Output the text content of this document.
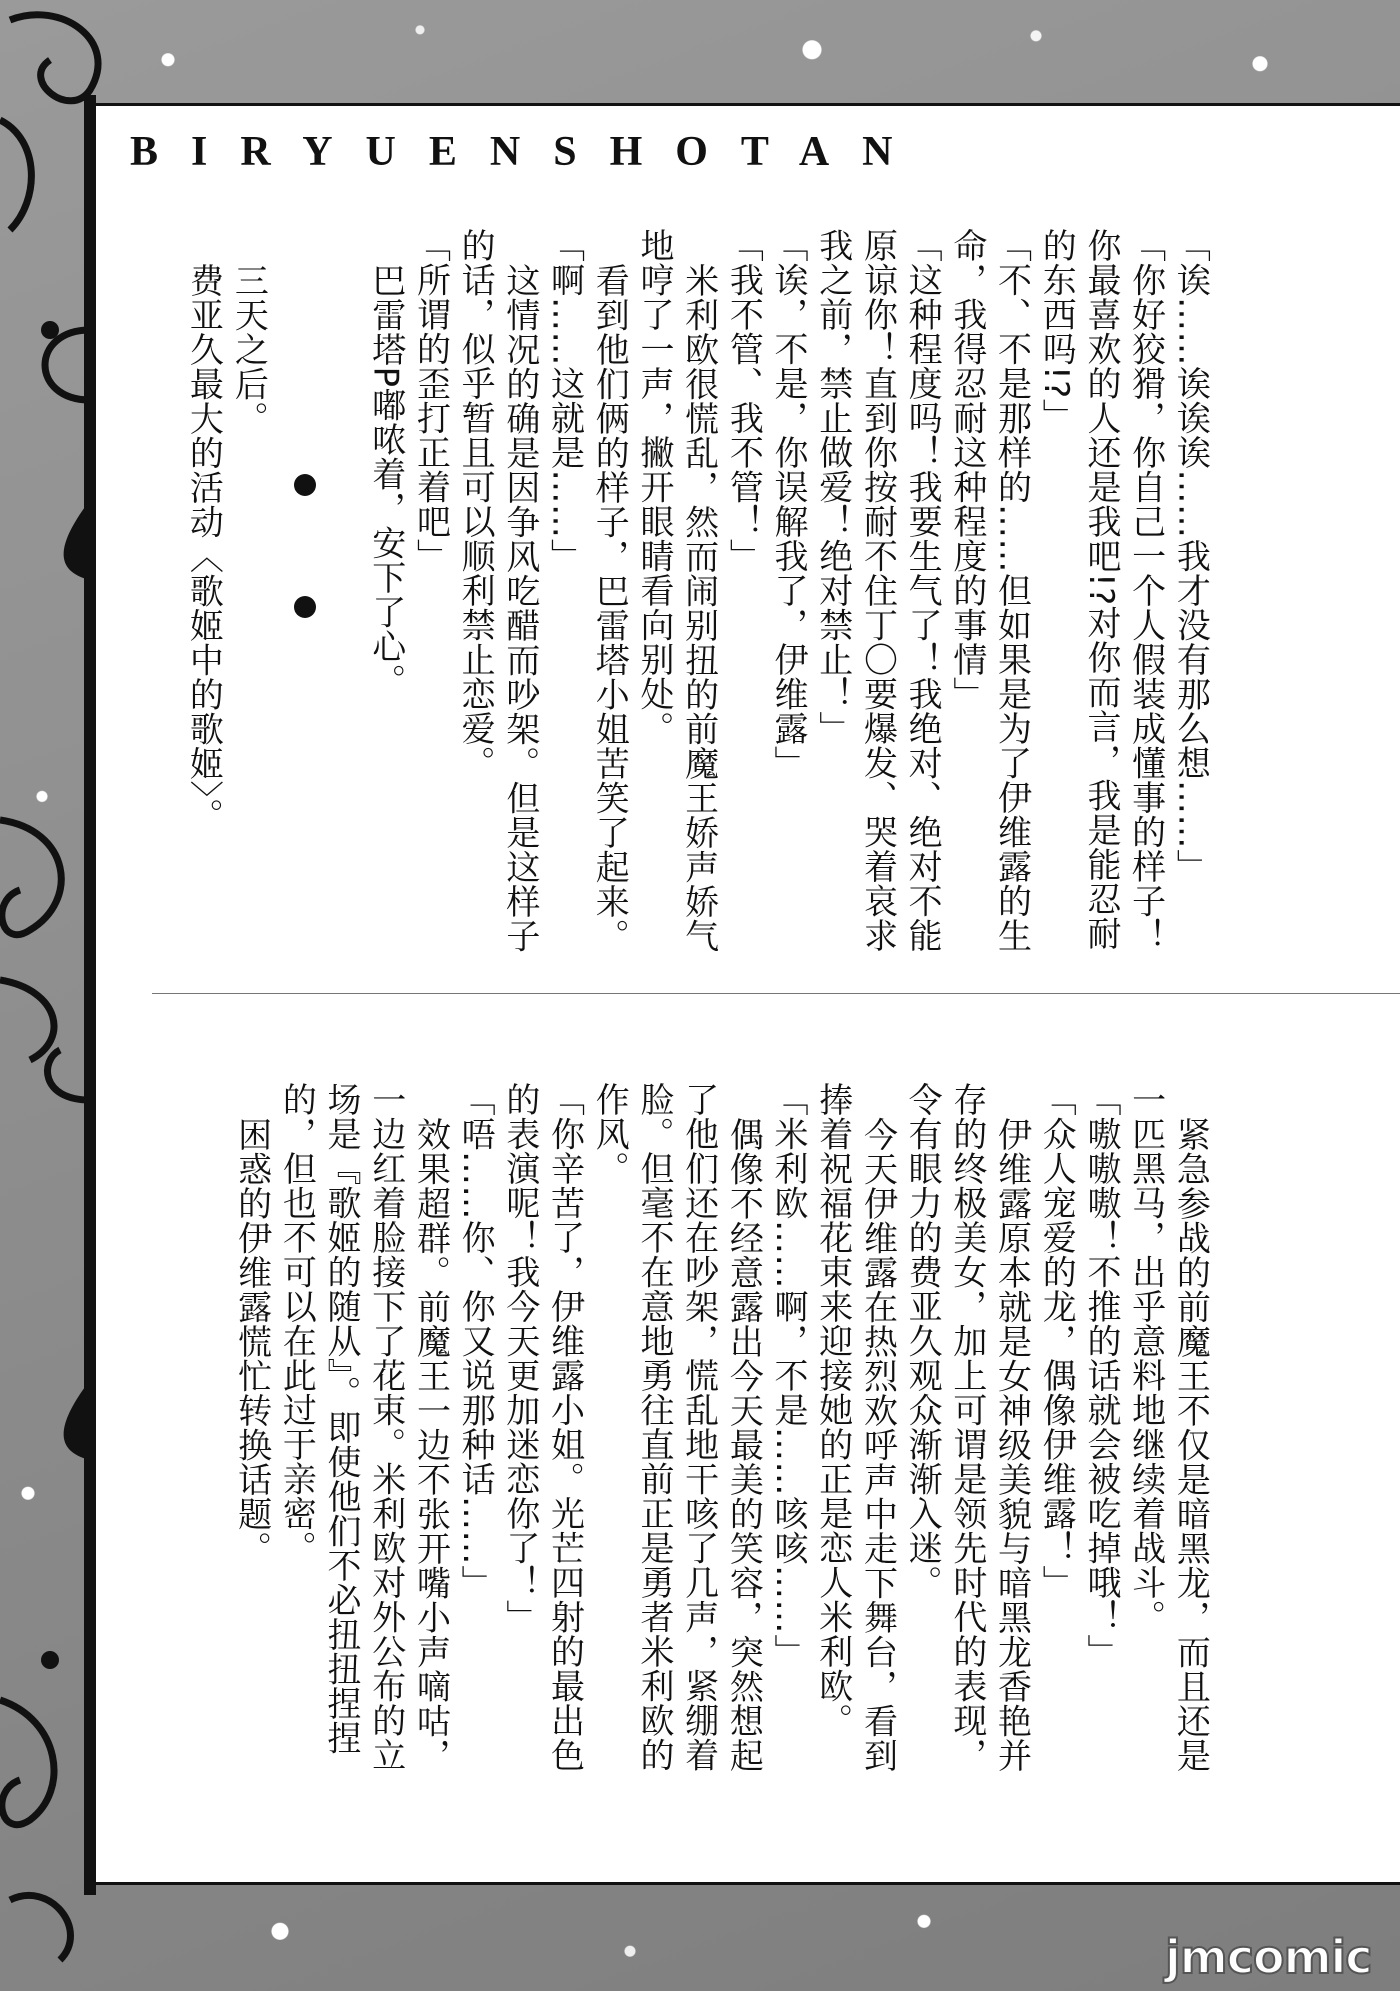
BIRYUENSHOTAN
「诶……诶诶诶……我才没有那么想……」
「你好狡猾，你自己一个人假装成懂事的样子！
你最喜欢的人还是我吧!?对你而言，我是能忍耐
的东西吗!?」
「不、不是那样的……但如果是为了伊维露的生
命，我得忍耐这种程度的事情」
「这种程度吗！我要生气了！我绝对、绝对不能
原谅你！直到你按耐不住丁〇要爆发、哭着哀求
我之前，禁止做爱！绝对禁止！」
「诶，不是，你误解我了，伊维露」
「我不管、我不管！」
米利欧很慌乱，然而闹别扭的前魔王娇声娇气
地哼了一声，撇开眼睛看向别处。
看到他们俩的样子，巴雷塔小姐苦笑了起来。
「啊……这就是……」
这情况的确是因争风吃醋而吵架。但是这样子
的话，似乎暂且可以顺利禁止恋爱。
「所谓的歪打正着吧」
巴雷塔P嘟哝着，安下了心。
三天之后。
费亚久最大的活动〈歌姬中的歌姬〉。
紧急参战的前魔王不仅是暗黑龙，而且还是
一匹黑马，出乎意料地继续着战斗。
「嗷嗷嗷！不推的话就会被吃掉哦！」
「众人宠爱的龙，偶像伊维露！」
伊维露原本就是女神级美貌与暗黑龙香艳并
存的终极美女，加上可谓是领先时代的表现，
令有眼力的费亚久观众渐渐入迷。
今天伊维露在热烈欢呼声中走下舞台，看到
捧着祝福花束来迎接她的正是恋人米利欧。
「米利欧……啊，不是……咳咳……」
偶像不经意露出今天最美的笑容，突然想起
了他们还在吵架，慌乱地干咳了几声，紧绷着
脸。但毫不在意地勇往直前正是勇者米利欧的
作风。
「你辛苦了，伊维露小姐。光芒四射的最出色
的表演呢！我今天更加迷恋你了！」
「唔……你、你又说那种话……」
效果超群。前魔王一边不张开嘴小声嘀咕，
一边红着脸接下了花束。米利欧对外公布的立
场是『歌姬的随从』。即使他们不必扭扭捏捏
的，但也不可以在此过于亲密。
困惑的伊维露慌忙转换话题。
jmcomic
